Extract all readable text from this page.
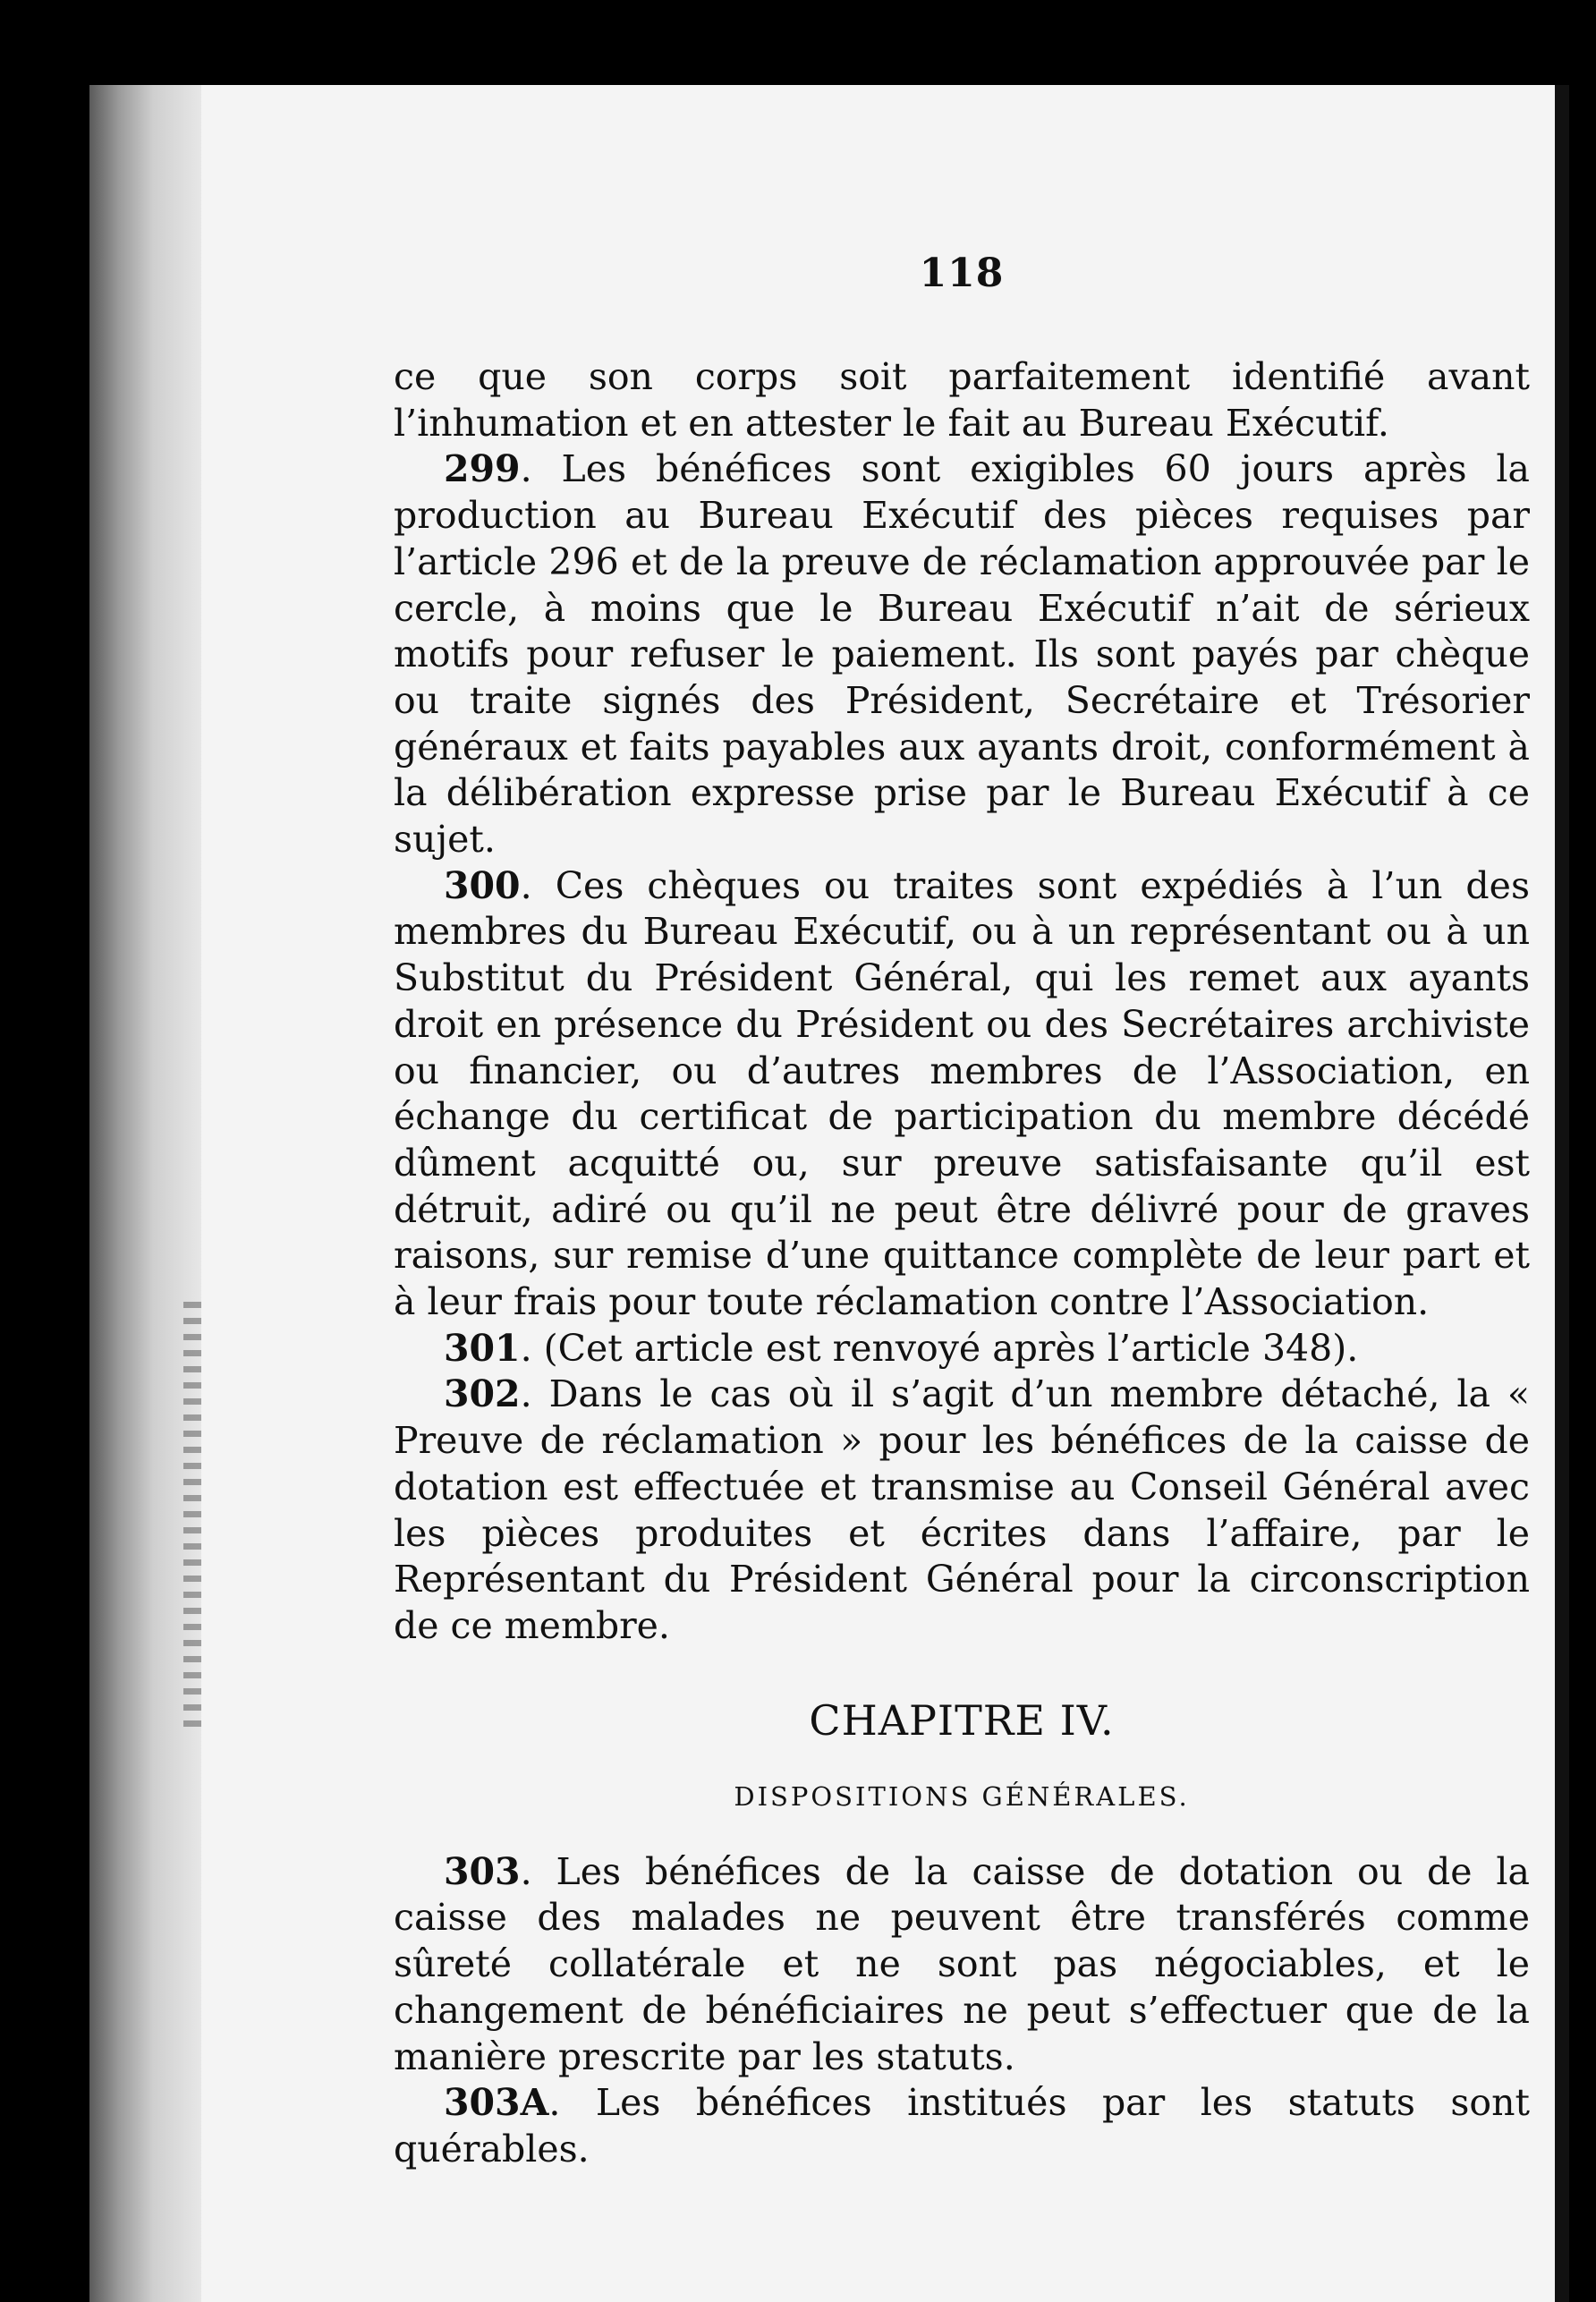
118

ce que son corps soit parfaitement identifié avant l’inhumation et en attester le fait au Bureau Exécutif.

299. Les bénéfices sont exigibles 60 jours après la production au Bureau Exécutif des pièces requises par l’article 296 et de la preuve de réclamation approuvée par le cercle, à moins que le Bureau Exécutif n’ait de sérieux motifs pour refuser le paiement. Ils sont payés par chèque ou traite signés des Président, Secrétaire et Trésorier généraux et faits payables aux ayants droit, conformément à la délibération expresse prise par le Bureau Exécutif à ce sujet.

300. Ces chèques ou traites sont expédiés à l’un des membres du Bureau Exécutif, ou à un représentant ou à un Substitut du Président Général, qui les remet aux ayants droit en présence du Président ou des Secrétaires archiviste ou financier, ou d’autres membres de l’Association, en échange du certificat de participation du membre décédé dûment acquitté ou, sur preuve satisfaisante qu’il est détruit, adiré ou qu’il ne peut être délivré pour de graves raisons, sur remise d’une quittance complète de leur part et à leur frais pour toute réclamation contre l’Association.

301. (Cet article est renvoyé après l’article 348).

302. Dans le cas où il s’agit d’un membre détaché, la « Preuve de réclamation » pour les bénéfices de la caisse de dotation est effectuée et transmise au Conseil Général avec les pièces produites et écrites dans l’affaire, par le Représentant du Président Général pour la circonscription de ce membre.

CHAPITRE IV.
DISPOSITIONS GÉNÉRALES.

303. Les bénéfices de la caisse de dotation ou de la caisse des malades ne peuvent être transférés comme sûreté collatérale et ne sont pas négociables, et le changement de bénéficiaires ne peut s’effectuer que de la manière prescrite par les statuts.

303A. Les bénéfices institués par les statuts sont quérables.
